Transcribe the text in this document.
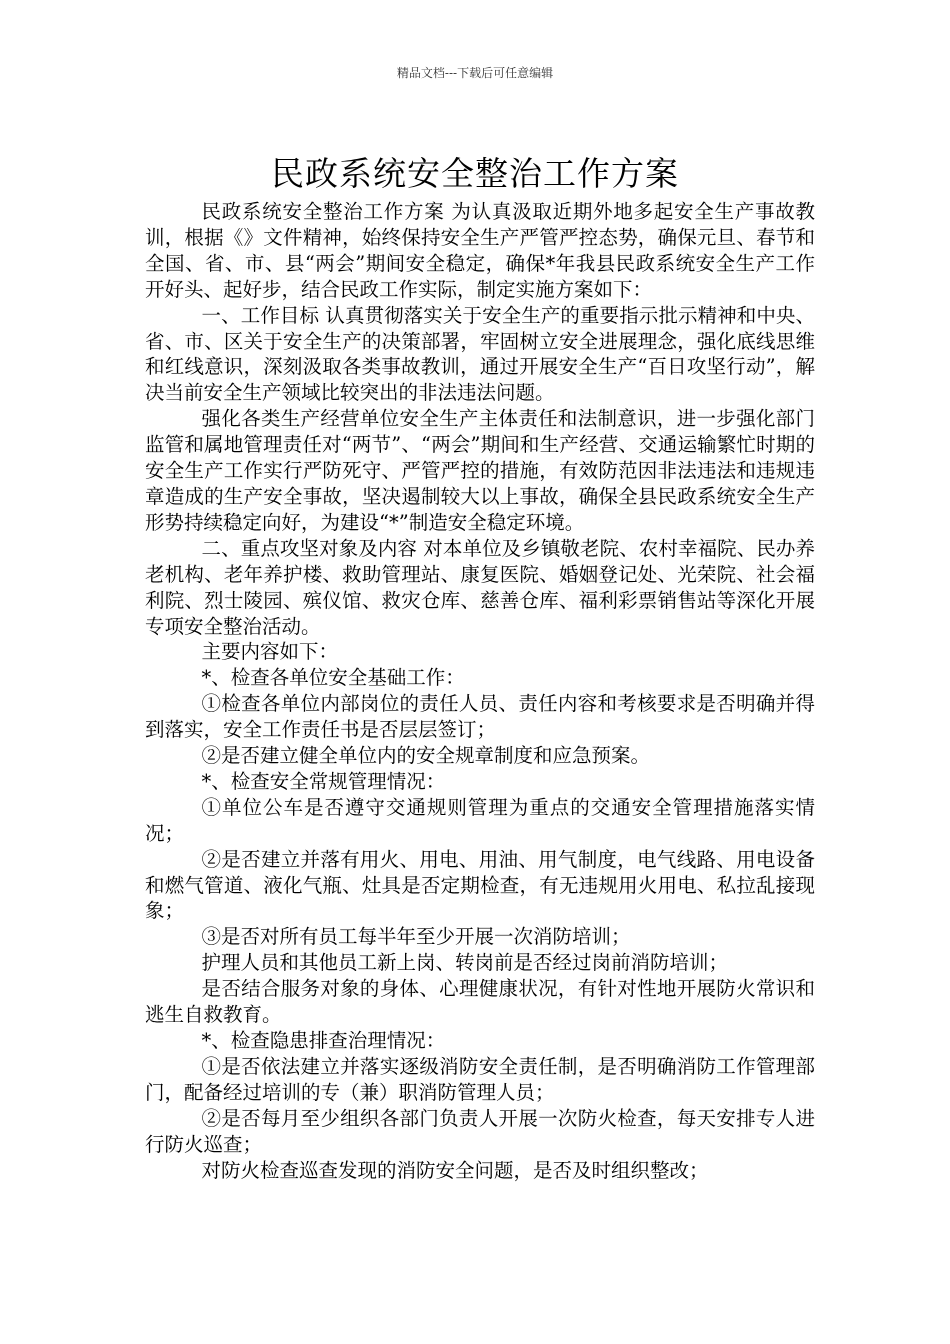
精品文档---下载后可任意编辑
民政系统安全整治工作方案

民政系统安全整治工作方案 为认真汲取近期外地多起安全生产事故教训，根据《》文件精神，始终保持安全生产严管严控态势，确保元旦、春节和全国、省、市、县“两会”期间安全稳定，确保*年我县民政系统安全生产工作开好头、起好步，结合民政工作实际，制定实施方案如下：

一、工作目标 认真贯彻落实关于安全生产的重要指示批示精神和中央、省、市、区关于安全生产的决策部署，牢固树立安全进展理念，强化底线思维和红线意识，深刻汲取各类事故教训，通过开展安全生产“百日攻坚行动”，解决当前安全生产领域比较突出的非法违法问题。

强化各类生产经营单位安全生产主体责任和法制意识，进一步强化部门监管和属地管理责任对“两节”、“两会”期间和生产经营、交通运输繁忙时期的安全生产工作实行严防死守、严管严控的措施，有效防范因非法违法和违规违章造成的生产安全事故，坚决遏制较大以上事故，确保全县民政系统安全生产形势持续稳定向好，为建设“*”制造安全稳定环境。

二、重点攻坚对象及内容 对本单位及乡镇敬老院、农村幸福院、民办养老机构、老年养护楼、救助管理站、康复医院、婚姻登记处、光荣院、社会福利院、烈士陵园、殡仪馆、救灾仓库、慈善仓库、福利彩票销售站等深化开展专项安全整治活动。

主要内容如下：

*、检查各单位安全基础工作：

①检查各单位内部岗位的责任人员、责任内容和考核要求是否明确并得到落实，安全工作责任书是否层层签订；

②是否建立健全单位内的安全规章制度和应急预案。

*、检查安全常规管理情况：

①单位公车是否遵守交通规则管理为重点的交通安全管理措施落实情况；

②是否建立并落有用火、用电、用油、用气制度，电气线路、用电设备和燃气管道、液化气瓶、灶具是否定期检查，有无违规用火用电、私拉乱接现象；

③是否对所有员工每半年至少开展一次消防培训；

护理人员和其他员工新上岗、转岗前是否经过岗前消防培训；

是否结合服务对象的身体、心理健康状况，有针对性地开展防火常识和逃生自救教育。

*、检查隐患排查治理情况：

①是否依法建立并落实逐级消防安全责任制，是否明确消防工作管理部门，配备经过培训的专（兼）职消防管理人员；

②是否每月至少组织各部门负责人开展一次防火检查，每天安排专人进行防火巡查；

对防火检查巡查发现的消防安全问题，是否及时组织整改；
